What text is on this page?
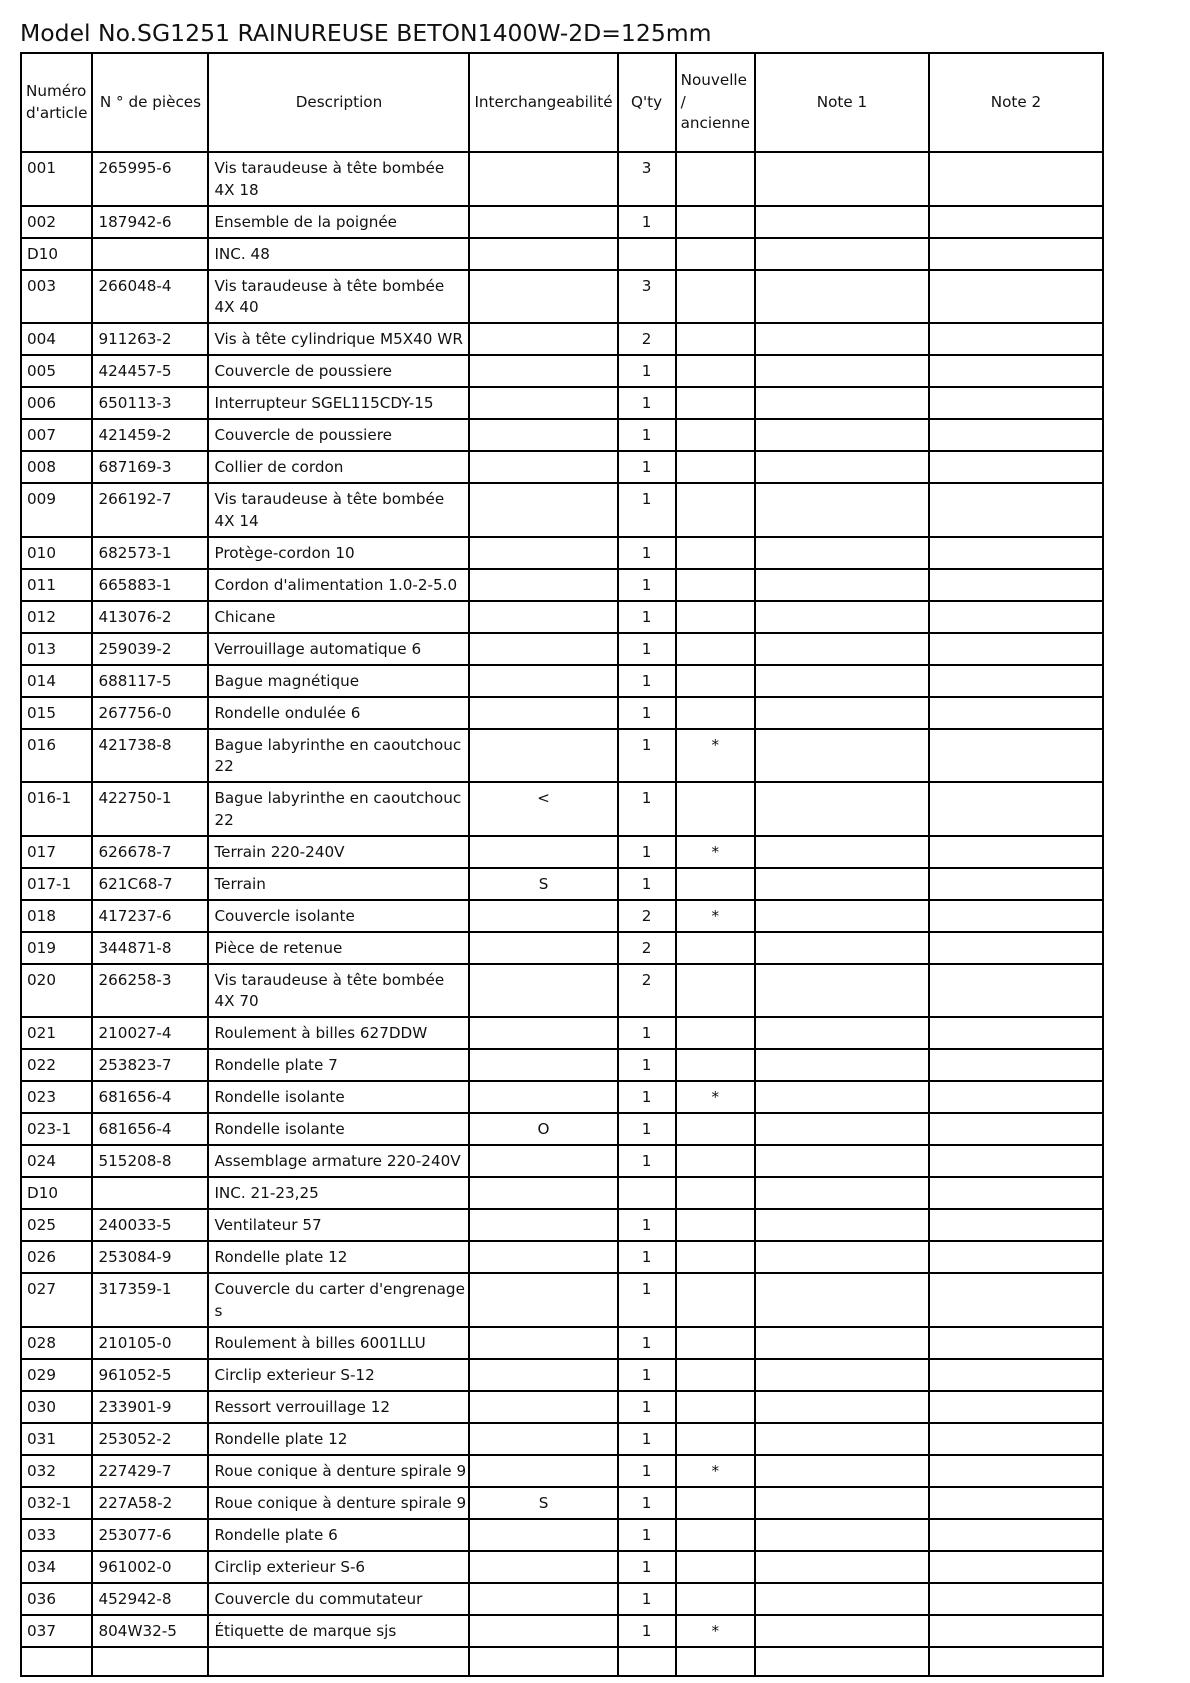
Model No.SG1251 RAINUREUSE BETON1400W-2D=125mm
Numéro d'article	N ° de pièces	Description	Interchangeabilité	Q'ty	Nouvelle / ancienne	Note 1	Note 2
001	265995-6	Vis taraudeuse à tête bombée 4X 18		3			
002	187942-6	Ensemble de la poignée		1			
D10		INC. 48					
003	266048-4	Vis taraudeuse à tête bombée 4X 40		3			
004	911263-2	Vis à tête cylindrique M5X40 WR		2			
005	424457-5	Couvercle de poussiere		1			
006	650113-3	Interrupteur SGEL115CDY-15		1			
007	421459-2	Couvercle de poussiere		1			
008	687169-3	Collier de cordon		1			
009	266192-7	Vis taraudeuse à tête bombée 4X 14		1			
010	682573-1	Protège-cordon 10		1			
011	665883-1	Cordon d'alimentation 1.0-2-5.0		1			
012	413076-2	Chicane		1			
013	259039-2	Verrouillage automatique 6		1			
014	688117-5	Bague magnétique		1			
015	267756-0	Rondelle ondulée 6		1			
016	421738-8	Bague labyrinthe en caoutchouc 22		1	*		
016-1	422750-1	Bague labyrinthe en caoutchouc 22	<	1			
017	626678-7	Terrain 220-240V		1	*		
017-1	621C68-7	Terrain	S	1			
018	417237-6	Couvercle isolante		2	*		
019	344871-8	Pièce de retenue		2			
020	266258-3	Vis taraudeuse à tête bombée 4X 70		2			
021	210027-4	Roulement à billes 627DDW		1			
022	253823-7	Rondelle plate 7		1			
023	681656-4	Rondelle isolante		1	*		
023-1	681656-4	Rondelle isolante	O	1			
024	515208-8	Assemblage armature 220-240V		1			
D10		INC. 21-23,25					
025	240033-5	Ventilateur 57		1			
026	253084-9	Rondelle plate 12		1			
027	317359-1	Couvercle du carter d'engrenage s		1			
028	210105-0	Roulement à billes 6001LLU		1			
029	961052-5	Circlip exterieur S-12		1			
030	233901-9	Ressort verrouillage 12		1			
031	253052-2	Rondelle plate 12		1			
032	227429-7	Roue conique à denture spirale 9		1	*		
032-1	227A58-2	Roue conique à denture spirale 9	S	1			
033	253077-6	Rondelle plate 6		1			
034	961002-0	Circlip exterieur S-6		1			
036	452942-8	Couvercle du commutateur		1			
037	804W32-5	Étiquette de marque sjs		1	*		
